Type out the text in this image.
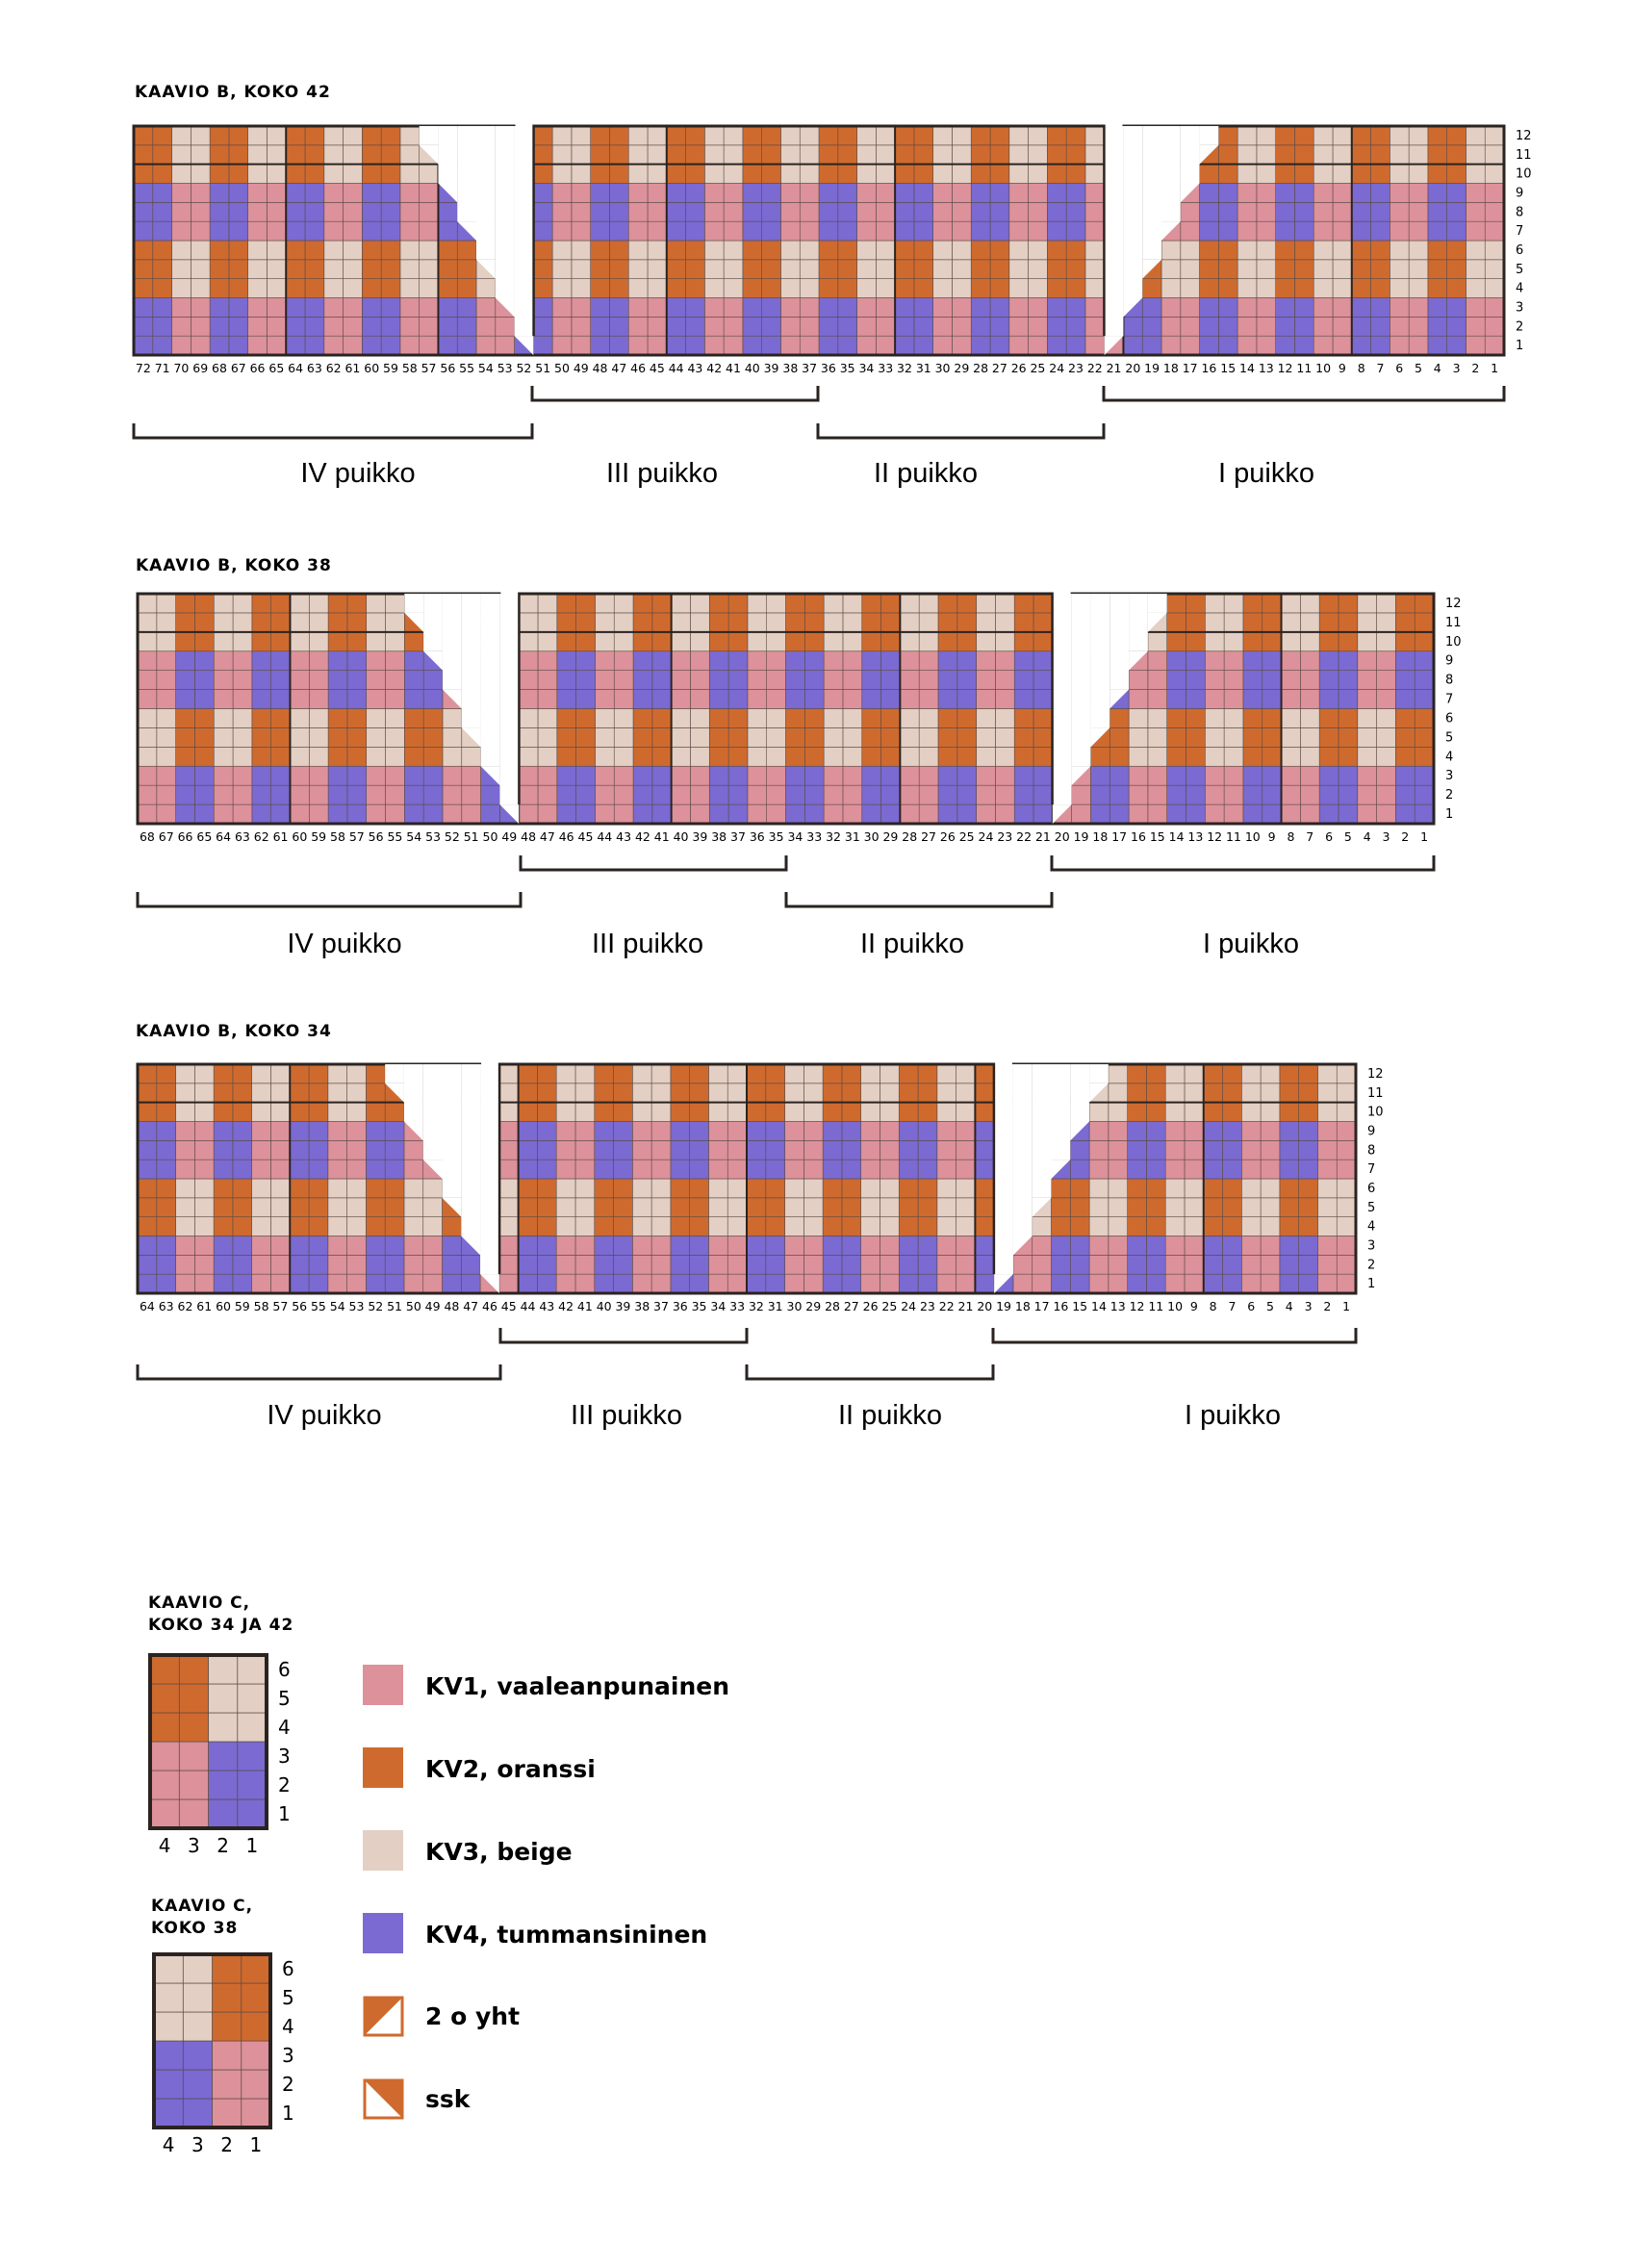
KAAVIO B, KOKO 42
1
2
3
4
5
6
7
8
9
10
11
12
13
14
15
16
17
18
19
20
21
22
23
24
25
26
27
28
29
30
31
32
33
34
35
36
37
38
39
40
41
42
43
44
45
46
47
48
49
50
51
52
53
54
55
56
57
58
59
60
61
62
63
64
65
66
67
68
69
70
71
72
1
2
3
4
5
6
7
8
9
10
11
12
IV puikko	III puikko	II puikko	I puikko
KAAVIO B, KOKO 38
1
2
3
4
5
6
7
8
9
10
11
12
13
14
15
16
17
18
19
20
21
22
23
24
25
26
27
28
29
30
31
32
33
34
35
36
37
38
39
40
41
42
43
44
45
46
47
48
49
50
51
52
53
54
55
56
57
58
59
60
61
62
63
64
65
66
67
68
1
2
3
4
5
6
7
8
9
10
11
12
IV puikko	III puikko	II puikko	I puikko
KAAVIO B, KOKO 34
1
2
3
4
5
6
7
8
9
10
11
12
13
14
15
16
17
18
19
20
21
22
23
24
25
26
27
28
29
30
31
32
33
34
35
36
37
38
39
40
41
42
43
44
45
46
47
48
49
50
51
52
53
54
55
56
57
58
59
60
61
62
63
64
1
2
3
4
5
6
7
8
9
10
11
12
IV puikko	III puikko	II puikko	I puikko
KAAVIO C,
KOKO 34 JA 42
4 3 2 1
1
2
3
4
5
6
KAAVIO C,
KOKO 38
4 3 2 1
1
2
3
4
5
6
KV1, vaaleanpunainen
KV2, oranssi
KV3, beige
KV4, tummansininen
2 o yht
ssk
